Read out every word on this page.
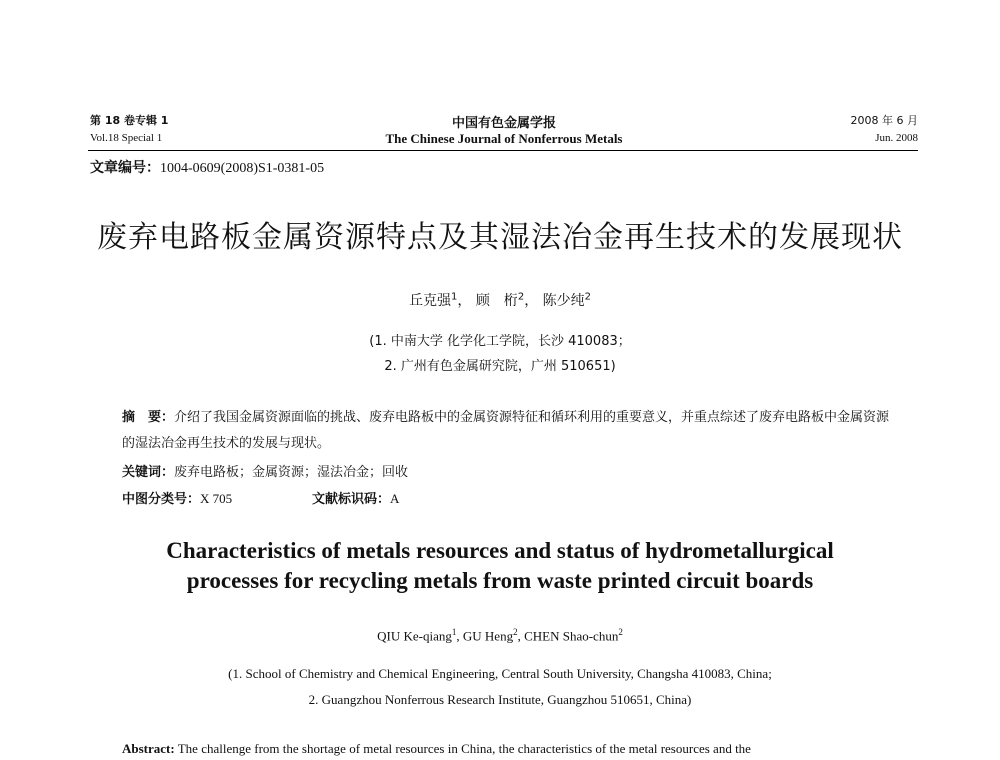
第 18 卷专辑 1
Vol.18 Special 1
中国有色金属学报
The Chinese Journal of Nonferrous Metals
2008 年 6 月
Jun. 2008
文章编号：1004-0609(2008)S1-0381-05
废弃电路板金属资源特点及其湿法冶金再生技术的发展现状
丘克强$^1$， 顾　桁$^2$， 陈少纯$^2$
(1. 中南大学 化学化工学院，长沙 410083；
2. 广州有色金属研究院，广州 510651)
摘　要：介绍了我国金属资源面临的挑战、废弃电路板中的金属资源特征和循环利用的重要意义，并重点综述了废弃电路板中金属资源的湿法冶金再生技术的发展与现状。
关键词：废弃电路板；金属资源；湿法冶金；回收
中图分类号：X 705	文献标识码：A
Characteristics of metals resources and status of hydrometallurgical
processes for recycling metals from waste printed circuit boards
QIU Ke-qiang$^1$, GU Heng$^2$, CHEN Shao-chun$^2$
(1. School of Chemistry and Chemical Engineering, Central South University, Changsha 410083, China;
2. Guangzhou Nonferrous Research Institute, Guangzhou 510651, China)
Abstract: The challenge from the shortage of metal resources in China, the characteristics of the metal resources and the
